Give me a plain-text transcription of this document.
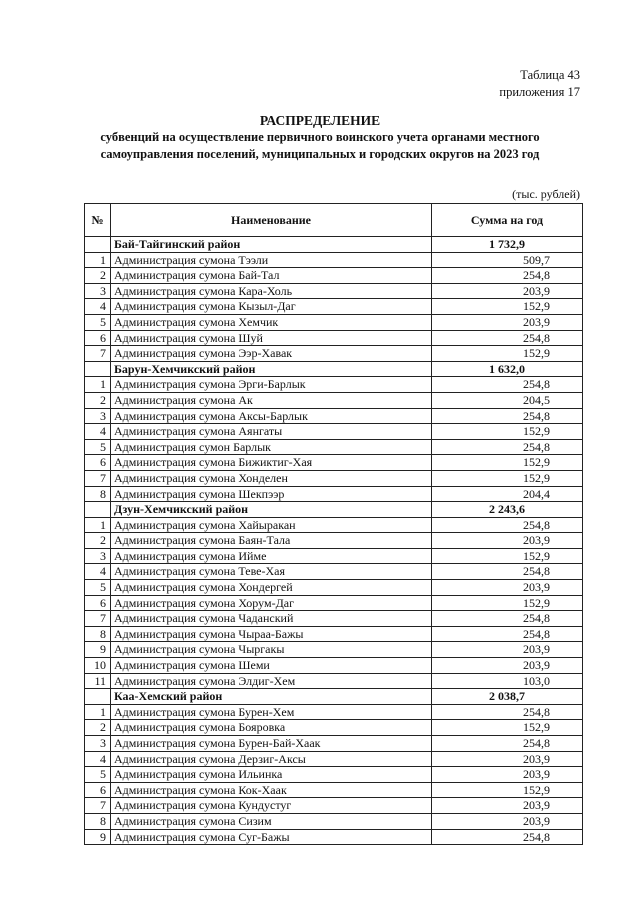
Таблица 43
приложения 17
РАСПРЕДЕЛЕНИЕ
субвенций на осуществление первичного воинского учета органами местного
самоуправления поселений, муниципальных и городских округов на 2023 год
(тыс. рублей)
№	Наименование	Сумма на год
	Бай-Тайгинский район	1 732,9
1	Администрация сумона Тээли	509,7
2	Администрация сумона Бай-Тал	254,8
3	Администрация сумона Кара-Холь	203,9
4	Администрация сумона Кызыл-Даг	152,9
5	Администрация сумона Хемчик	203,9
6	Администрация сумона Шуй	254,8
7	Администрация сумона Ээр-Хавак	152,9
	Барун-Хемчикский район	1 632,0
1	Администрация сумона Эрги-Барлык	254,8
2	Администрация сумона Ак	204,5
3	Администрация сумона Аксы-Барлык	254,8
4	Администрация сумона Аянгаты	152,9
5	Администрация сумон Барлык	254,8
6	Администрация сумона Бижиктиг-Хая	152,9
7	Администрация сумона Хонделен	152,9
8	Администрация сумона Шекпээр	204,4
	Дзун-Хемчикский район	2 243,6
1	Администрация сумона Хайыракан	254,8
2	Администрация сумона Баян-Тала	203,9
3	Администрация сумона Ийме	152,9
4	Администрация сумона Теве-Хая	254,8
5	Администрация сумона Хондергей	203,9
6	Администрация сумона Хорум-Даг	152,9
7	Администрация сумона Чаданский	254,8
8	Администрация сумона Чыраа-Бажы	254,8
9	Администрация сумона Чыргакы	203,9
10	Администрация сумона Шеми	203,9
11	Администрация сумона Элдиг-Хем	103,0
	Каа-Хемский район	2 038,7
1	Администрация сумона Бурен-Хем	254,8
2	Администрация сумона Бояровка	152,9
3	Администрация сумона Бурен-Бай-Хаак	254,8
4	Администрация сумона Дерзиг-Аксы	203,9
5	Администрация сумона Ильинка	203,9
6	Администрация сумона Кок-Хаак	152,9
7	Администрация сумона Кундустуг	203,9
8	Администрация сумона Сизим	203,9
9	Администрация сумона Суг-Бажы	254,8
